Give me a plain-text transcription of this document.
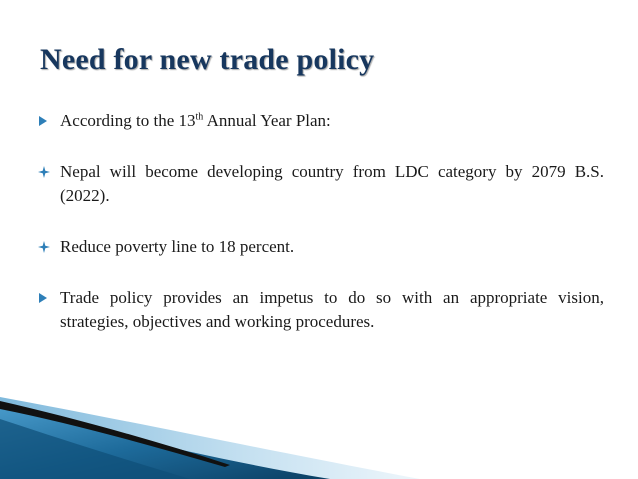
Need for new trade policy
According to the 13th Annual Year Plan:
Nepal will become developing country from LDC category by 2079 B.S. (2022).
Reduce poverty line to 18 percent.
Trade policy provides an impetus to do so with an appropriate vision, strategies, objectives and working procedures.
